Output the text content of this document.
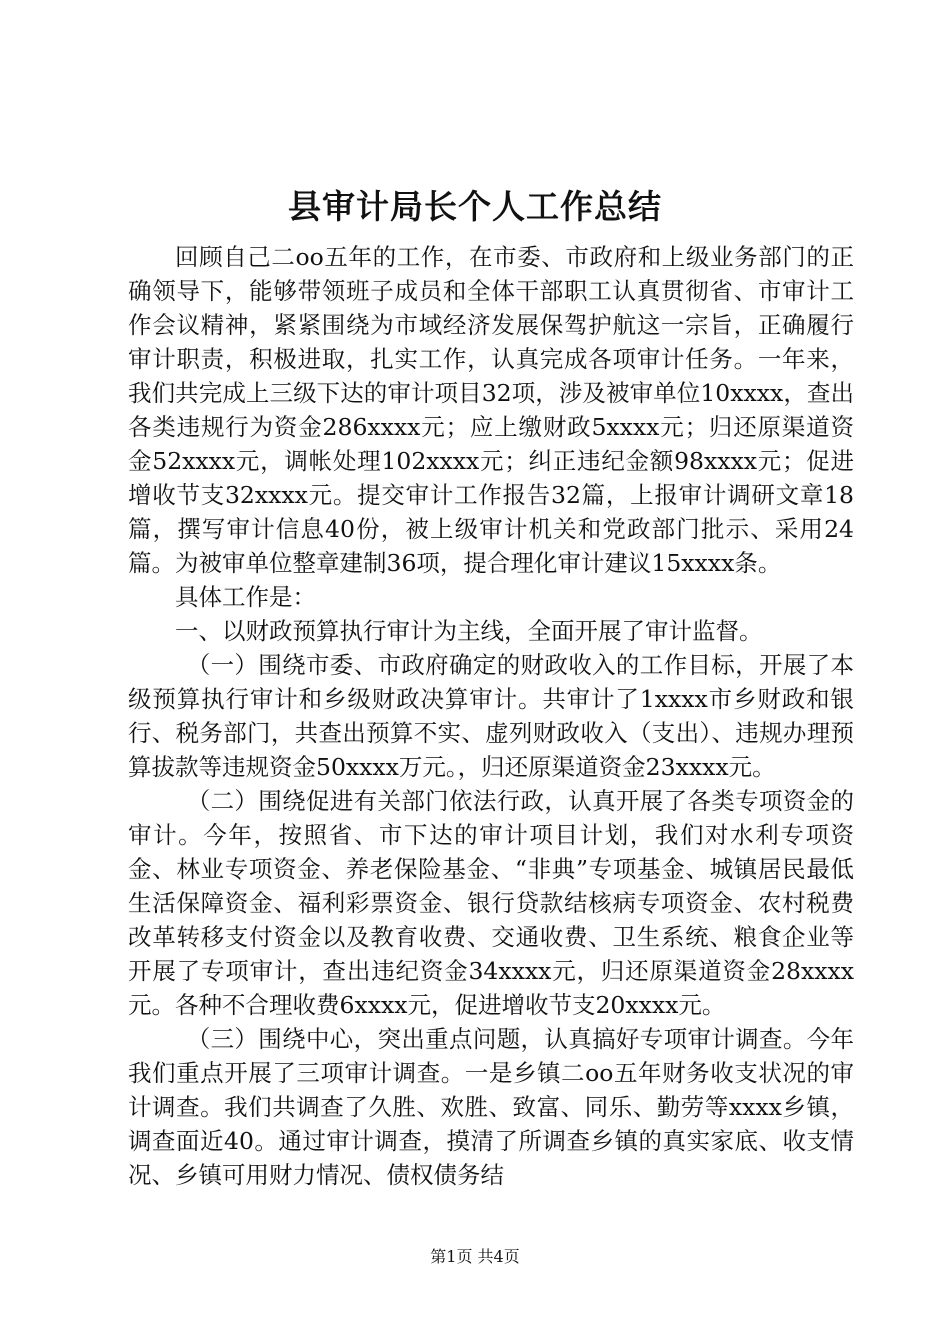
县审计局长个人工作总结

回顾自己二oo五年的工作，在市委、市政府和上级业务部门的正确领导下，能够带领班子成员和全体干部职工认真贯彻省、市审计工作会议精神，紧紧围绕为市域经济发展保驾护航这一宗旨，正确履行审计职责，积极进取，扎实工作，认真完成各项审计任务。一年来，我们共完成上三级下达的审计项目32项，涉及被审单位10xxxx，查出各类违规行为资金286xxxx元；应上缴财政5xxxx元；归还原渠道资金52xxxx元，调帐处理102xxxx元；纠正违纪金额98xxxx元；促进增收节支32xxxx元。提交审计工作报告32篇，上报审计调研文章18篇，撰写审计信息40份，被上级审计机关和党政部门批示、采用24篇。为被审单位整章建制36项，提合理化审计建议15xxxx条。

具体工作是：

一、以财政预算执行审计为主线，全面开展了审计监督。

（一）围绕市委、市政府确定的财政收入的工作目标，开展了本级预算执行审计和乡级财政决算审计。共审计了1xxxx市乡财政和银行、税务部门，共查出预算不实、虚列财政收入（支出）、违规办理预算拔款等违规资金50xxxx万元。，归还原渠道资金23xxxx元。

（二）围绕促进有关部门依法行政，认真开展了各类专项资金的审计。今年，按照省、市下达的审计项目计划，我们对水利专项资金、林业专项资金、养老保险基金、“非典”专项基金、城镇居民最低生活保障资金、福利彩票资金、银行贷款结核病专项资金、农村税费改革转移支付资金以及教育收费、交通收费、卫生系统、粮食企业等开展了专项审计，查出违纪资金34xxxx元，归还原渠道资金28xxxx元。各种不合理收费6xxxx元，促进增收节支20xxxx元。

（三）围绕中心，突出重点问题，认真搞好专项审计调查。今年我们重点开展了三项审计调查。一是乡镇二oo五年财务收支状况的审计调查。我们共调查了久胜、欢胜、致富、同乐、勤劳等xxxx乡镇，调查面近40。通过审计调查，摸清了所调查乡镇的真实家底、收支情况、乡镇可用财力情况、债权债务结

第1页 共4页
